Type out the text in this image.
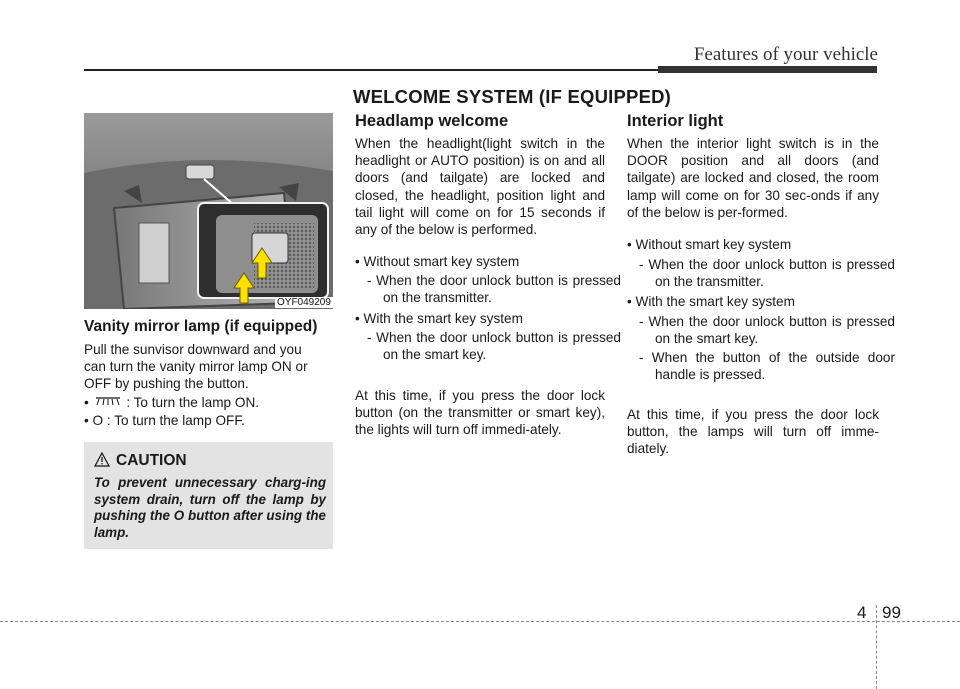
Features of your vehicle
WELCOME SYSTEM (IF EQUIPPED)
OYF049209
Vanity mirror lamp (if equipped)

Pull the sunvisor downward and you

can turn the vanity mirror lamp ON or

OFF by pushing the button.

•	: To turn the lamp ON.

• O : To turn the lamp OFF.

CAUTION

To prevent unnecessary charg-ing system drain, turn off the lamp by pushing the O button after using the lamp.

Headlamp welcome

When the headlight(light switch in the headlight or AUTO position) is on and all doors (and tailgate) are locked and closed, the headlight, position light and tail light will come on for 15 seconds if any of the below is performed.

• Without smart key system

- When the door unlock button is pressed on the transmitter.

• With the smart key system

- When the door unlock button is pressed on the smart key.

At this time, if you press the door lock button (on the transmitter or smart key), the lights will turn off immedi-ately.

Interior light

When the interior light switch is in the DOOR position and all doors (and tailgate) are locked and closed, the room lamp will come on for 30 sec-onds if any of the below is per-formed.

• Without smart key system

- When the door unlock button is pressed on the transmitter.

• With the smart key system

- When the door unlock button is pressed on the smart key.

- When the button of the outside door handle is pressed.

At this time, if you press the door lock button, the lamps will turn off imme-diately.

4 99
